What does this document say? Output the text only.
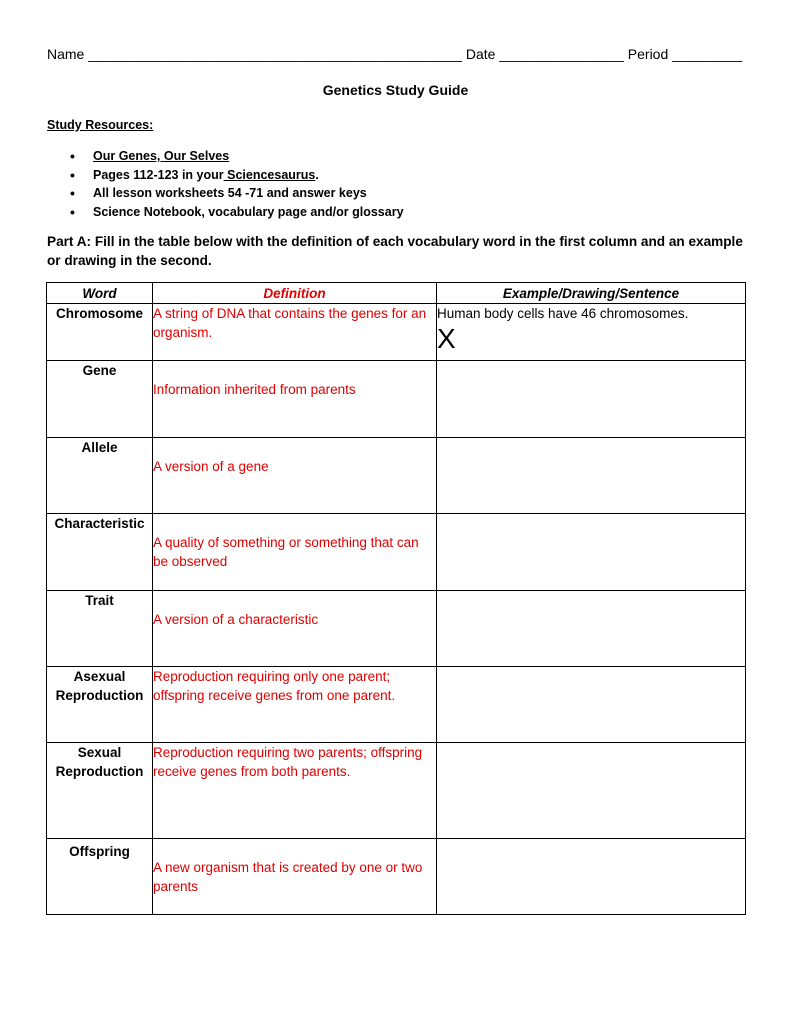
Name ________________________________________________ Date ________________ Period _________
Genetics Study Guide
Study Resources:
• Our Genes, Our Selves
• Pages 112-123 in your Sciencesaurus.
• All lesson worksheets 54 -71 and answer keys
• Science Notebook, vocabulary page and/or glossary
Part A: Fill in the table below with the definition of each vocabulary word in the first column and an example or drawing in the second.
Word	Definition	Example/Drawing/Sentence
Chromosome	A string of DNA that contains the genes for an organism.	Human body cells have 46 chromosomes.
X

Gene	Information inherited from parents	
Allele	A version of a gene	
Characteristic	A quality of something or something that can be observed	
Trait	A version of a characteristic	
Asexual Reproduction	Reproduction requiring only one parent; offspring receive genes from one parent.	
Sexual Reproduction	Reproduction requiring two parents; offspring receive genes from both parents.	
Offspring	A new organism that is created by one or two parents	
